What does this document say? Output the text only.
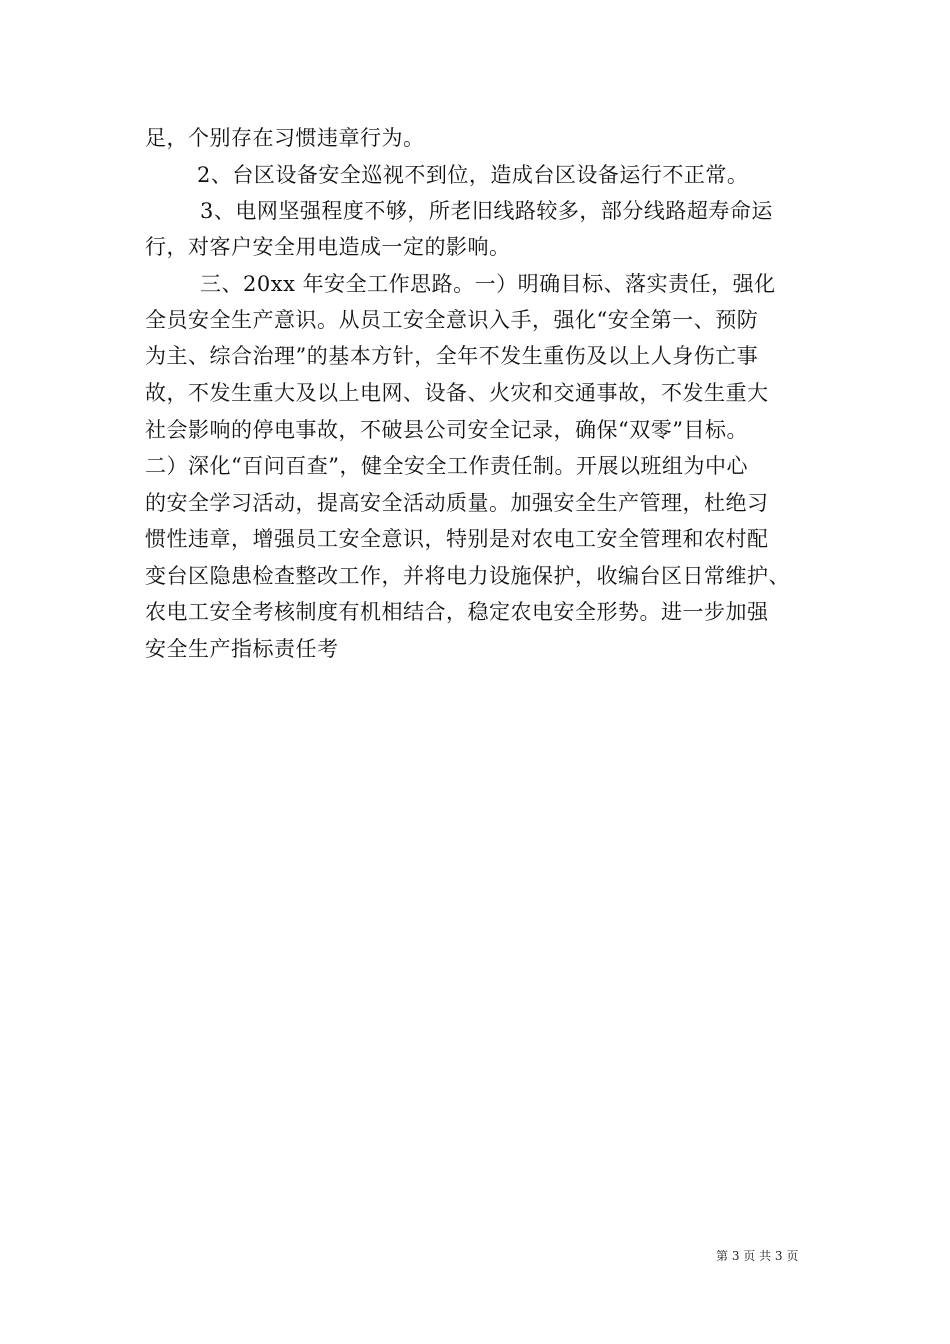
足，个别存在习惯违章行为。
2、台区设备安全巡视不到位，造成台区设备运行不正常。
3、电网坚强程度不够，所老旧线路较多，部分线路超寿命运
行，对客户安全用电造成一定的影响。
三、20xx 年安全工作思路。一）明确目标、落实责任，强化
全员安全生产意识。从员工安全意识入手，强化“安全第一、预防
为主、综合治理”的基本方针，全年不发生重伤及以上人身伤亡事
故，不发生重大及以上电网、设备、火灾和交通事故，不发生重大
社会影响的停电事故，不破县公司安全记录，确保“双零”目标。
二）深化“百问百查”，健全安全工作责任制。开展以班组为中心
的安全学习活动，提高安全活动质量。加强安全生产管理，杜绝习
惯性违章，增强员工安全意识，特别是对农电工安全管理和农村配
变台区隐患检查整改工作，并将电力设施保护，收编台区日常维护、
农电工安全考核制度有机相结合，稳定农电安全形势。进一步加强
安全生产指标责任考
第 3 页 共 3 页
